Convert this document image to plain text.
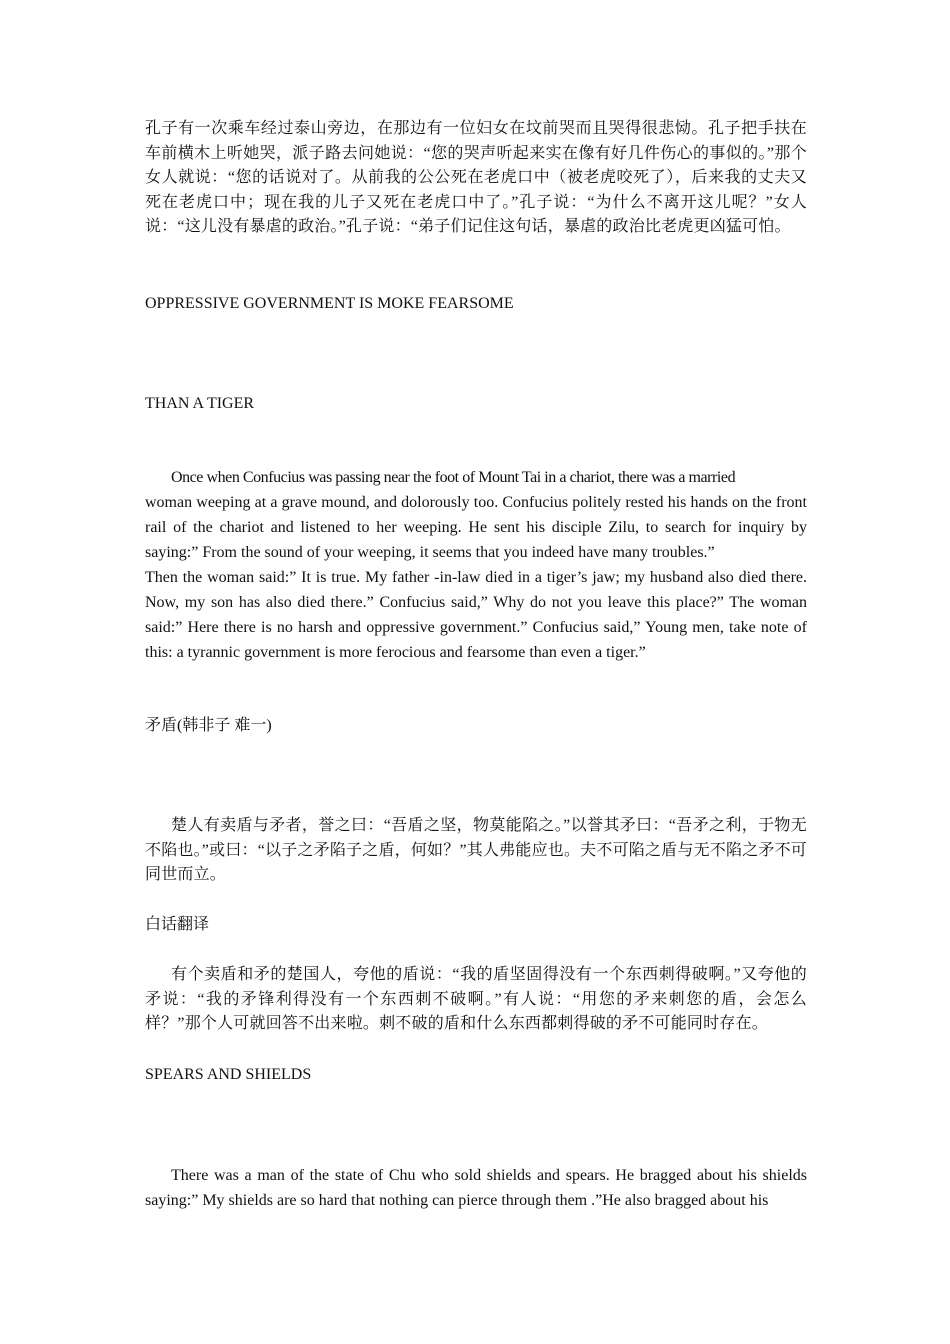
孔子有一次乘车经过泰山旁边，在那边有一位妇女在坟前哭而且哭得很悲恸。孔子把手扶在车前横木上听她哭，派子路去问她说：“您的哭声听起来实在像有好几件伤心的事似的。”那个女人就说：“您的话说对了。从前我的公公死在老虎口中（被老虎咬死了），后来我的丈夫又死在老虎口中；现在我的儿子又死在老虎口中了。”孔子说：“为什么不离开这儿呢？”女人说：“这儿没有暴虐的政治。”孔子说：“弟子们记住这句话，暴虐的政治比老虎更凶猛可怕。

OPPRESSIVE GOVERNMENT IS MOKE FEARSOME

THAN A TIGER

Once when Confucius was passing near the foot of Mount Tai in a chariot, there was a married

woman weeping at a grave mound, and dolorously too. Confucius politely rested his hands on the front rail of the chariot and listened to her weeping. He sent his disciple Zilu, to search for inquiry by saying:” From the sound of your weeping, it seems that you indeed have many troubles.”

Then the woman said:” It is true. My father -in-law died in a tiger’s jaw; my husband also died there. Now, my son has also died there.” Confucius said,” Why do not you leave this place?” The woman said:” Here there is no harsh and oppressive government.” Confucius said,” Young men, take note of this: a tyrannic government is more ferocious and fearsome than even a tiger.”

矛盾(韩非子 难一)

楚人有卖盾与矛者，誉之曰：“吾盾之坚，物莫能陷之。”以誉其矛曰：“吾矛之利，于物无不陷也。”或曰：“以子之矛陷子之盾，何如？”其人弗能应也。夫不可陷之盾与无不陷之矛不可同世而立。

白话翻译

有个卖盾和矛的楚国人，夸他的盾说：“我的盾坚固得没有一个东西刺得破啊。”又夸他的矛说：“我的矛锋利得没有一个东西刺不破啊。”有人说：“用您的矛来刺您的盾，会怎么样？”那个人可就回答不出来啦。刺不破的盾和什么东西都刺得破的矛不可能同时存在。

SPEARS AND SHIELDS

There was a man of the state of Chu who sold shields and spears. He bragged about his shields saying:” My shields are so hard that nothing can pierce through them .”He also bragged about his
